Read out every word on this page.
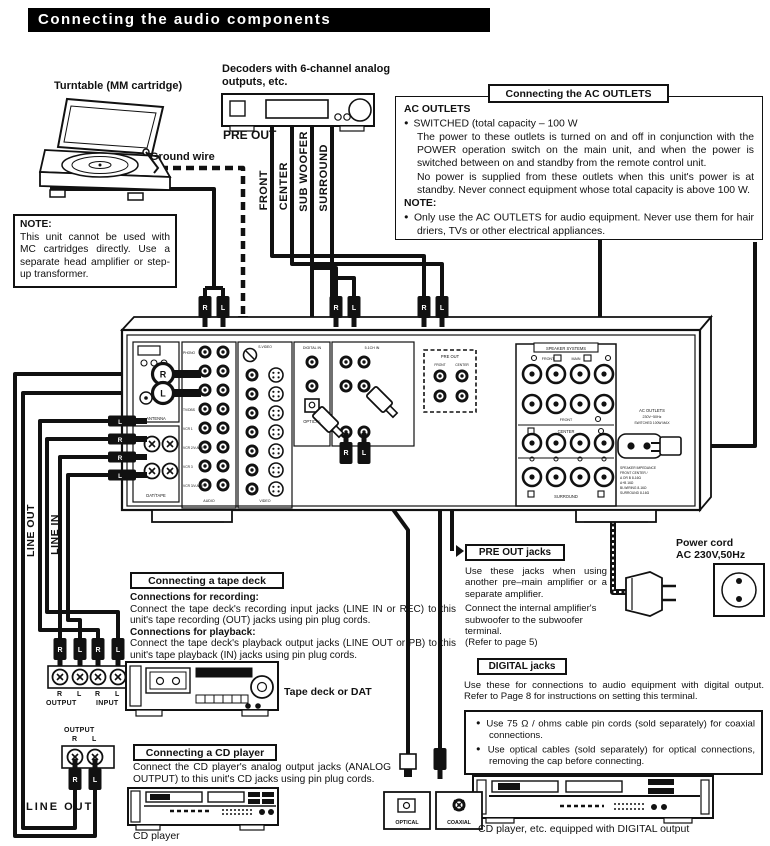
ANTENNA
DAT/TAPE
PHONO
CD
DVD/VDP
TV/DBS
VCR 1
VCR 2/V.AUX
VCR 3
VCR 3/V.AUX
AUDIO
S-VIDEO
VIDEO
DIGITAL IN
OPTICAL
5.1CH IN
PRE OUT
FRONT	CENTER
SPEAKER SYSTEMS
FRONT	MAIN
FRONT
CENTER
SURROUND
AC OUTLETS
230V~50Hz
SWITCHED 100W MAX
SPEAKER IMPEDANCE
FRONT CENTER /
A OR B 8-16Ω
A+B 16Ω
BI-WIRING 8-16Ω
SURROUND 8-16Ω
OPTICAL	COAXIAL
R L	R L	R L
R L
L
R
R
L
R
L
R L R L
R L
Connecting the audio components
Turntable (MM cartridge)
Decoders with 6-channel analog outputs, etc.
PRE OUT
Ground wire
FRONT CENTER SUB WOOFER SURROUND
Connecting the AC OUTLETS
AC OUTLETS
● SWITCHED (total capacity – 100 W
The power to these outlets is turned on and off in conjunction with the POWER operation switch on the main unit, and when the power is switched between on and standby from the remote control unit.
No power is supplied from these outlets when this unit's power is at standby. Never connect equipment whose total capacity is above 100 W.
NOTE:
● Only use the AC OUTLETS for audio equipment. Never use them for hair driers, TVs or other electrical appliances.
NOTE:
This unit cannot be used with MC cartridges directly. Use a separate head amplifier or step-up transformer.
LINE OUT LINE IN
Connecting a tape deck
Connections for recording:
Connect the tape deck's recording input jacks (LINE IN or REC) to this unit's tape recording (OUT) jacks using pin plug cords.
Connections for playback:
Connect the tape deck's playback output jacks (LINE OUT or PB) to this unit's tape playback (IN) jacks using pin plug cords.
Tape deck or DAT
PRE OUT jacks
Use these jacks when using another pre–main amplifier or a separate amplifier.
Connect the internal amplifier's subwoofer to the subwoofer terminal.
(Refer to page 5)
Power cord
AC 230V,50Hz
DIGITAL jacks
Use these for connections to audio equipment with digital output. Refer to Page 8 for instructions on setting this terminal.
● Use 75 Ω / ohms cable pin cords (sold separately) for coaxial connections.
● Use optical cables (sold separately) for optical connections, removing the cap before connecting.
OUTPUT
R L
Connecting a CD player
Connect the CD player's analog output jacks (ANALOG OUTPUT) to this unit's CD jacks using pin plug cords.
CD player
R L R L
OUTPUT	INPUT
LINE OUT
CD player, etc. equipped with DIGITAL output
